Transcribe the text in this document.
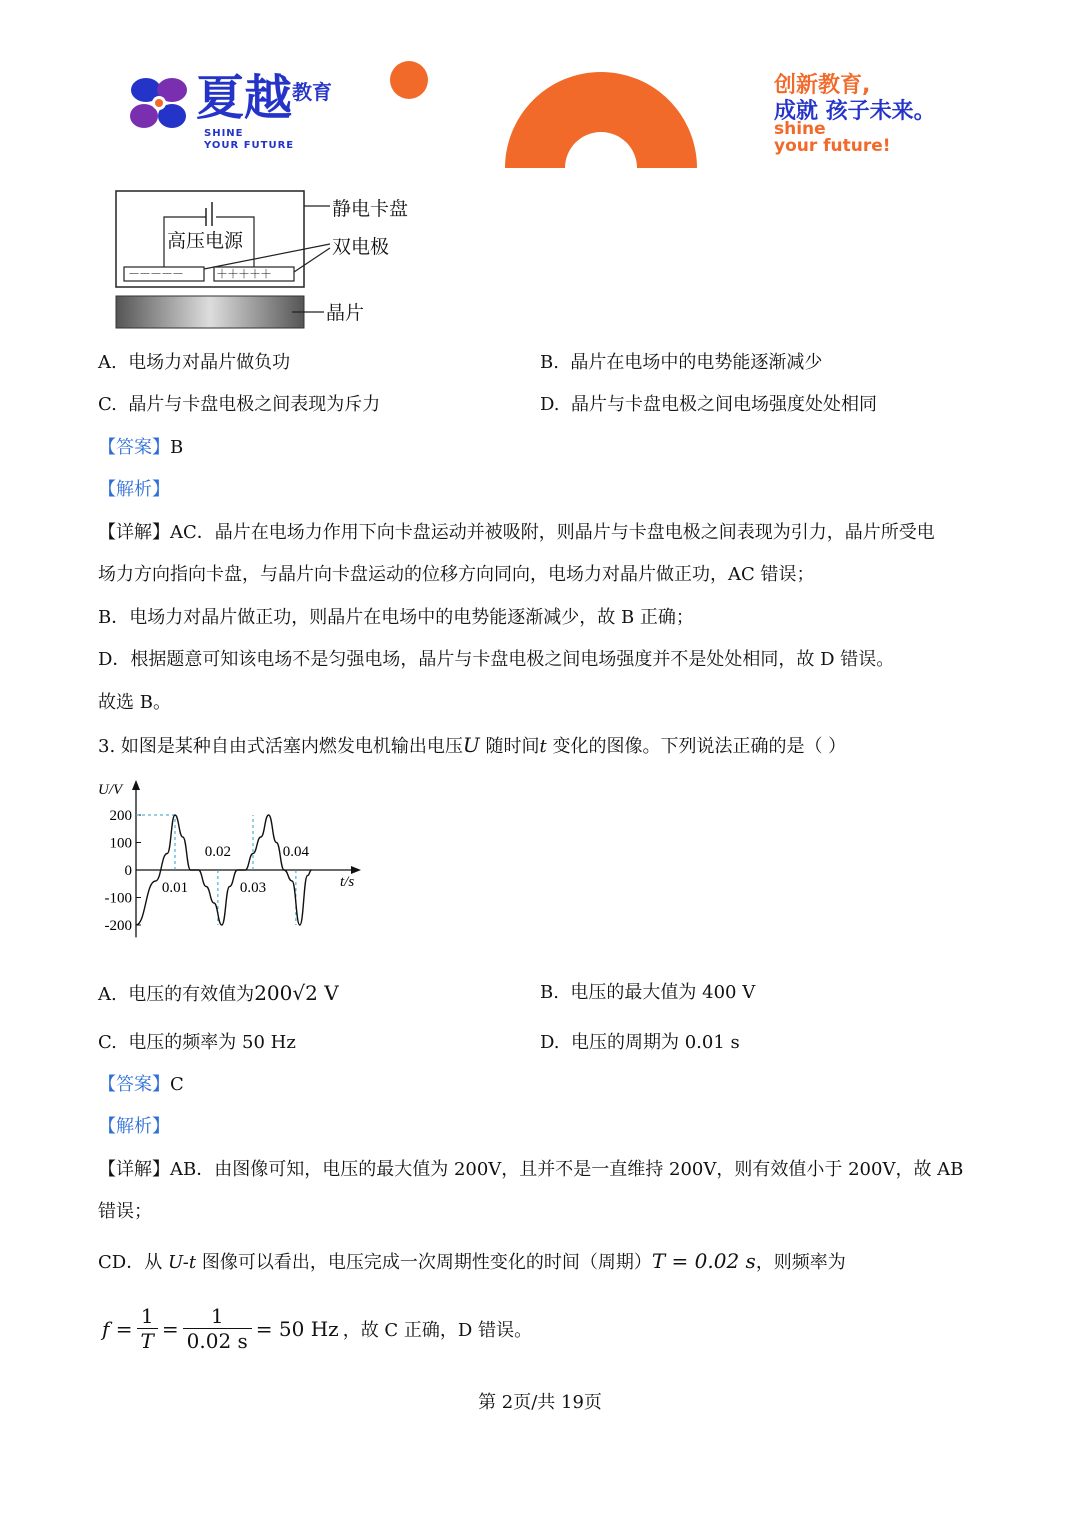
夏越 教育
SHINE
YOUR FUTURE
创新教育,
成就 孩子未来。
shine
your future!
高压电源
－－－－－	＋＋＋＋＋
静电卡盘
双电极
晶片
A. 电场力对晶片做负功	B. 晶片在电场中的电势能逐渐减少
C. 晶片与卡盘电极之间表现为斥力	D. 晶片与卡盘电极之间电场强度处处相同
【答案】B
【解析】
【详解】AC．晶片在电场力作用下向卡盘运动并被吸附，则晶片与卡盘电极之间表现为引力，晶片所受电
场力方向指向卡盘，与晶片向卡盘运动的位移方向同向，电场力对晶片做正功，AC 错误；
B．电场力对晶片做正功，则晶片在电场中的电势能逐渐减少，故 B 正确；
D．根据题意可知该电场不是匀强电场，晶片与卡盘电极之间电场强度并不是处处相同，故 D 错误。
故选 B。
3. 如图是某种自由式活塞内燃发电机输出电压U 随时间t 变化的图像。下列说法正确的是（ ）
U/V
t/s
200
100
0
-100
-200
0.01
0.02
0.03
0.04
A. 电压的有效值为200√2 V	B. 电压的最大值为 400 V
C. 电压的频率为 50 Hz	D. 电压的周期为 0.01 s
【答案】C
【解析】
【详解】AB．由图像可知，电压的最大值为 200V，且并不是一直维持 200V，则有效值小于 200V，故 AB
错误；
CD．从 U-t 图像可以看出，电压完成一次周期性变化的时间（周期）T = 0.02 s，则频率为
$f = \frac{1}{T} = \frac{1}{0.02 s} = 50$ Hz ，故 C 正确，D 错误。
第 2页/共 19页
